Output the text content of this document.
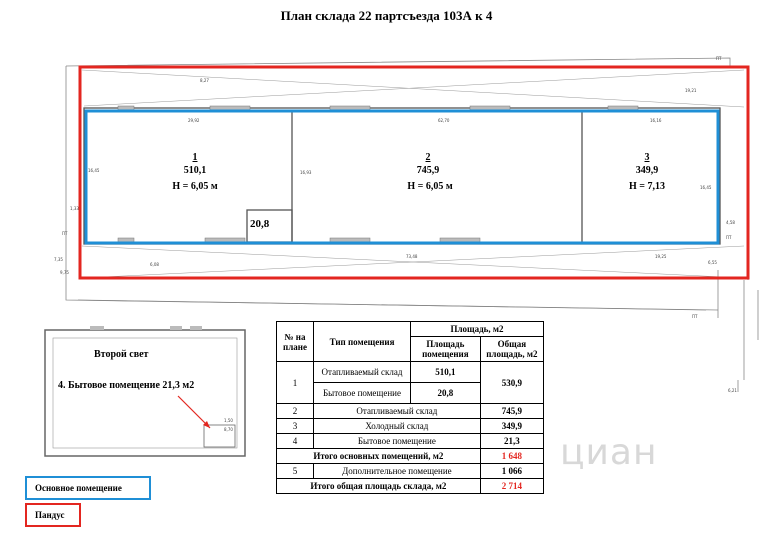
План склада 22 партсъезда 103А к 4
1
510,1
H = 6,05 м
2
745,9
H = 6,05 м
3
349,9
H = 7,13
20,8
29,92	62,70	16,16
16,93
16,45
16,45
73,48	19,25
6,08
8,27
19,21
1,33
4,58
6,55
6,21
1,50
8,70
ПТ
ПТ
ПТ
ПТ
7,35
9,75
Второй свет
4. Бытовое помещение 21,3 м2
№ на плане	Тип помещения	Площадь, м2	
		Площадь помещения	Общая площадь, м2
1	Отапливаемый склад	510,1	530,9
	Бытовое помещение	20,8	
2	Отапливаемый склад		745,9
3	Холодный склад		349,9
4	Бытовое помещение		21,3
Итого основных помещений, м2			1 648
5	Дополнительное помещение		1 066
Итого общая площадь склада, м2			2 714
Основное помещение
Пандус
циан
